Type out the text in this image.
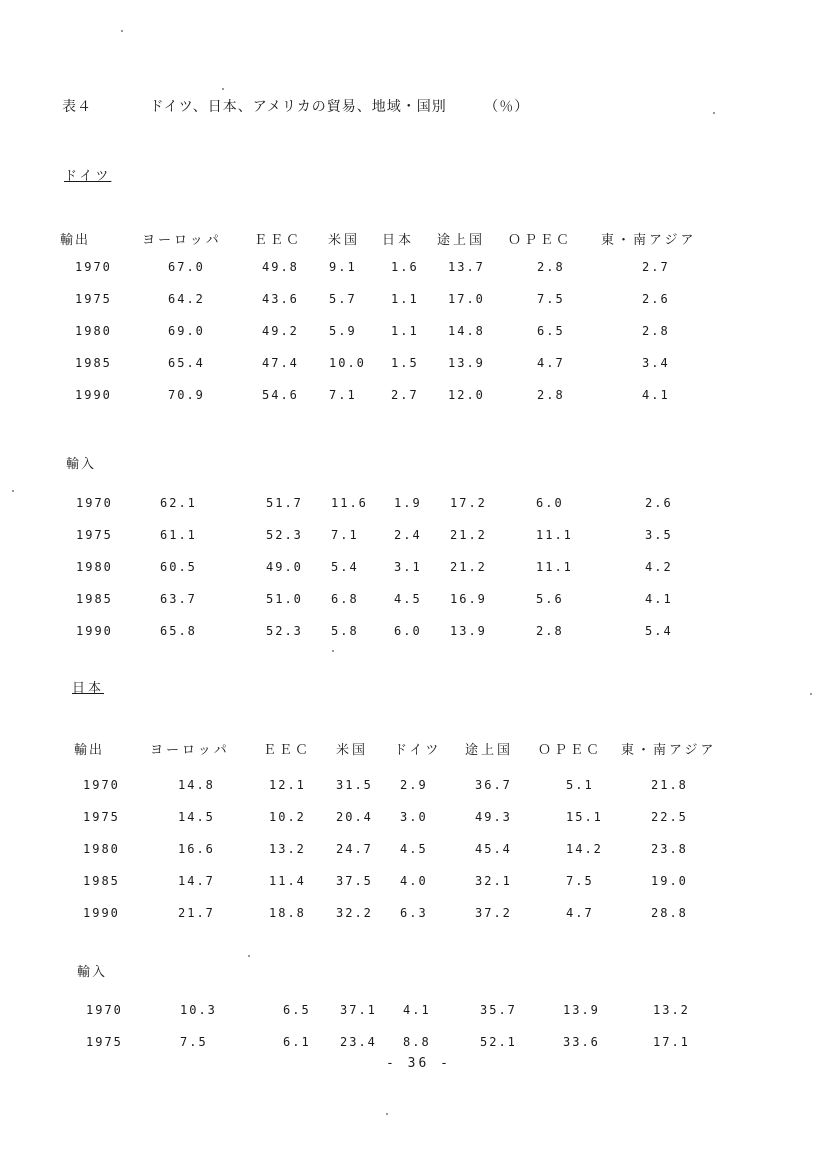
表４	ドイツ、日本、アメリカの貿易、地域・国別	（％）
ドイツ
日本
輸出	ヨーロッパ ＥＥＣ 米国 日本 途上国 ＯＰＥＣ 東・南アジア
1970	67.0	49.8	9.1	1.6 13.7	2.8	2.7
1975	64.2	43.6	5.7	1.1 17.0	7.5	2.6
1980	69.0	49.2	5.9	1.1 14.8	6.5	2.8
1985	65.4	47.4	10.0 1.5 13.9	4.7	3.4
1990	70.9	54.6	7.1	2.7 12.0	2.8	4.1
輸入
1970	62.1	51.7 11.6 1.9 17.2	6.0	2.6
1975	61.1	52.3 7.1	2.4 21.2	11.1	3.5
1980	60.5	49.0 5.4	3.1 21.2	11.1	4.2
1985	63.7	51.0 6.8	4.5 16.9	5.6	4.1
1990	65.8	52.3 5.8	6.0 13.9	2.8	5.4
輸出	ヨーロッパ	ＥＥＣ 米国 ドイツ 途上国 ＯＰＥＣ 東・南アジア
1970	14.8	12.1	31.5 2.9	36.7	5.1	21.8
1975	14.5	10.2	20.4 3.0	49.3	15.1	22.5
1980	16.6	13.2	24.7 4.5	45.4	14.2	23.8
1985	14.7	11.4	37.5 4.0	32.1	7.5	19.0
1990	21.7	18.8	32.2 6.3	37.2	4.7	28.8
輸入
1970	10.3	6.5 37.1 4.1	35.7	13.9	13.2
1975	7.5	6.1 23.4 8.8	52.1	33.6	17.1
- 36 -
